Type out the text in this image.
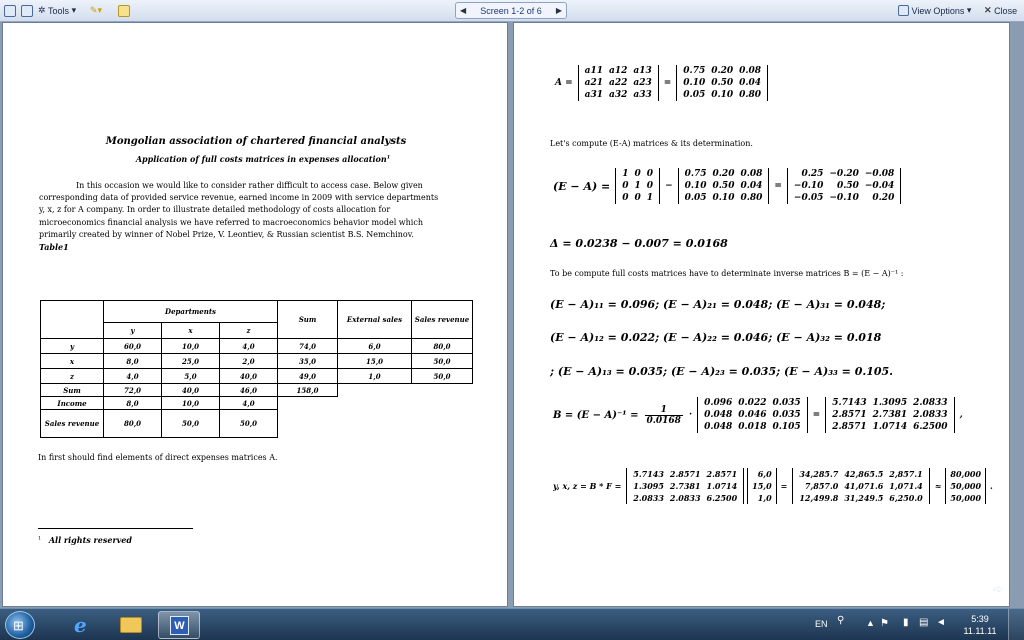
✲ Tools ▾ ✎▾	◀ Screen 1-2 of 6 ▶
	View Options ▾ ✕
Close
Mongolian association of chartered financial analysts
Application of full costs matrices in expenses allocation$^1$
In this occasion we would like to consider rather difficult to access case. Below given
corresponding data of provided service revenue, earned income in 2009 with service departments
y, x, z for A company. In order to illustrate detailed methodology of costs allocation for
microeconomics financial analysis we have referred to macroeconomics behavior model which
primarily created by winner of Nobel Prize, V. Leontiev, & Russian scientist B.S. Nemchinov.
Table1
	Departments			Sum	External sales	Sales revenue
	y	x	z			
y	60,0	10,0	4,0	74,0	6,0	80,0
x	8,0	25,0	2,0	35,0	15,0	50,0
z	4,0	5,0	40,0	49,0	1,0	50,0
Sum	72,0	40,0	46,0	158,0		
Income	8,0	10,0	4,0			
Sales revenue	80,0	50,0	50,0			
In first should find elements of direct expenses matrices A.
$^1$ All rights reserved
A =
a11 a12 a13
a21 a22 a23
a31 a32 a33
=
0.75 0.20 0.08
0.10 0.50 0.04
0.05 0.10 0.80
Let's compute (E-A) matrices & its determination.
(E − A) =
1 0 0
0 1 0
0 0 1
−
0.75 0.20 0.08
0.10 0.50 0.04
0.05 0.10 0.80
=
0.25 −0.20 −0.08
−0.10	0.50 −0.04
−0.05 −0.10	0.20
Δ = 0.0238 − 0.007 = 0.0168
To be compute full costs matrices have to determinate inverse matrices B = (E − A)⁻¹ :
(E − A)₁₁ = 0.096; (E − A)₂₁ = 0.048; (E − A)₃₁ = 0.048;
(E − A)₁₂ = 0.022; (E − A)₂₂ = 0.046; (E − A)₃₂ = 0.018
; (E − A)₁₃ = 0.035; (E − A)₂₃ = 0.035; (E − A)₃₃ = 0.105.
$B = (E - A)^{-1} = \frac{1}{0.0168}$ ·
0.096 0.022 0.035
0.048 0.046 0.035
0.048 0.018 0.105
=
5.7143 1.3095 2.0833
2.8571 2.7381 2.0833
2.8571 1.0714 6.2500
,
y, x, z = B * F =
5.7143 2.8571 2.8571
1.3095 2.7381 1.0714
2.0833 2.0833 6.2500
6,0
15,0
1,0
=
34,285.7 42,865.5 2,857.1
7,857.0 41,071.6 1,071.4
12,499.8 31,249.5 6,250.0
≈
80,000
50,000
50,000
.
➪
⊞	e	W	EN ⚲ ▲ ⚑ ▮ ▤ ◄	5:39
11.11.11
